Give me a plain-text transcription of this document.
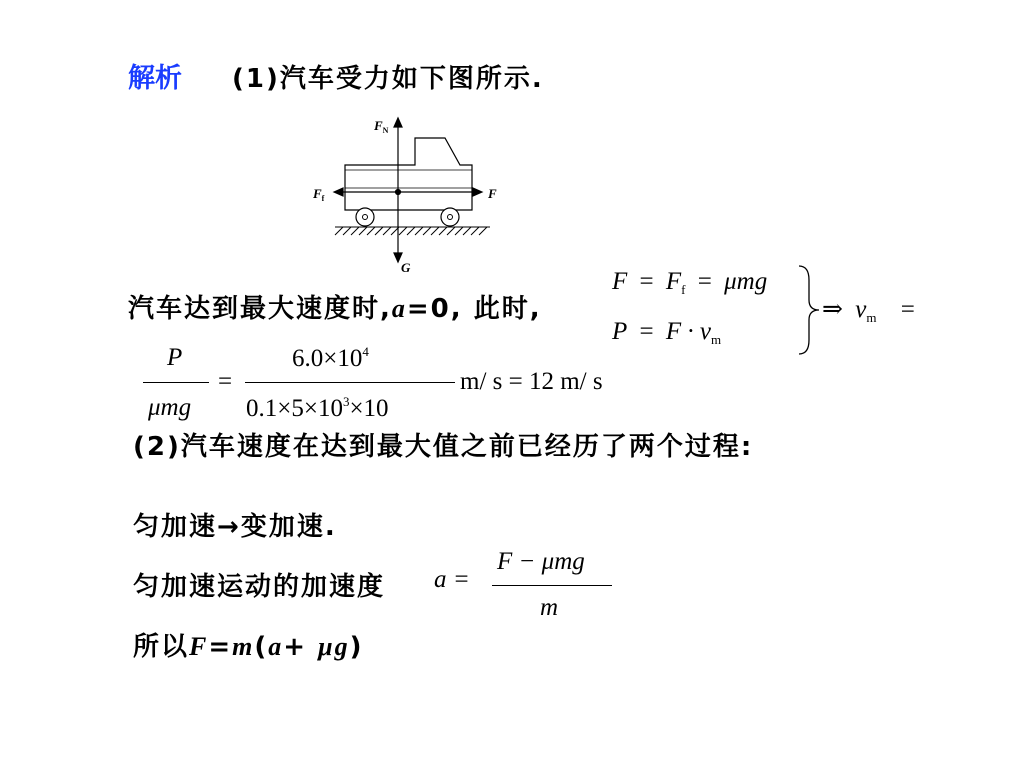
解析 (1)汽车受力如下图所示.
$F_N$
$F_f$	F
G
汽车达到最大速度时,a=0, 此时,
$F = F_f = \mu mg$
$P = F \cdot v_m$
⇒ $v_m$ =
P
μmg
=
$6.0\times 10^4$
$0.1\times 5\times 10^3\times 10$
m/ s = 12 m/ s
(2)汽车速度在达到最大值之前已经历了两个过程:
匀加速→变加速.
匀加速运动的加速度 a =
F − μmg
m
所以F=m(a+ μg)
